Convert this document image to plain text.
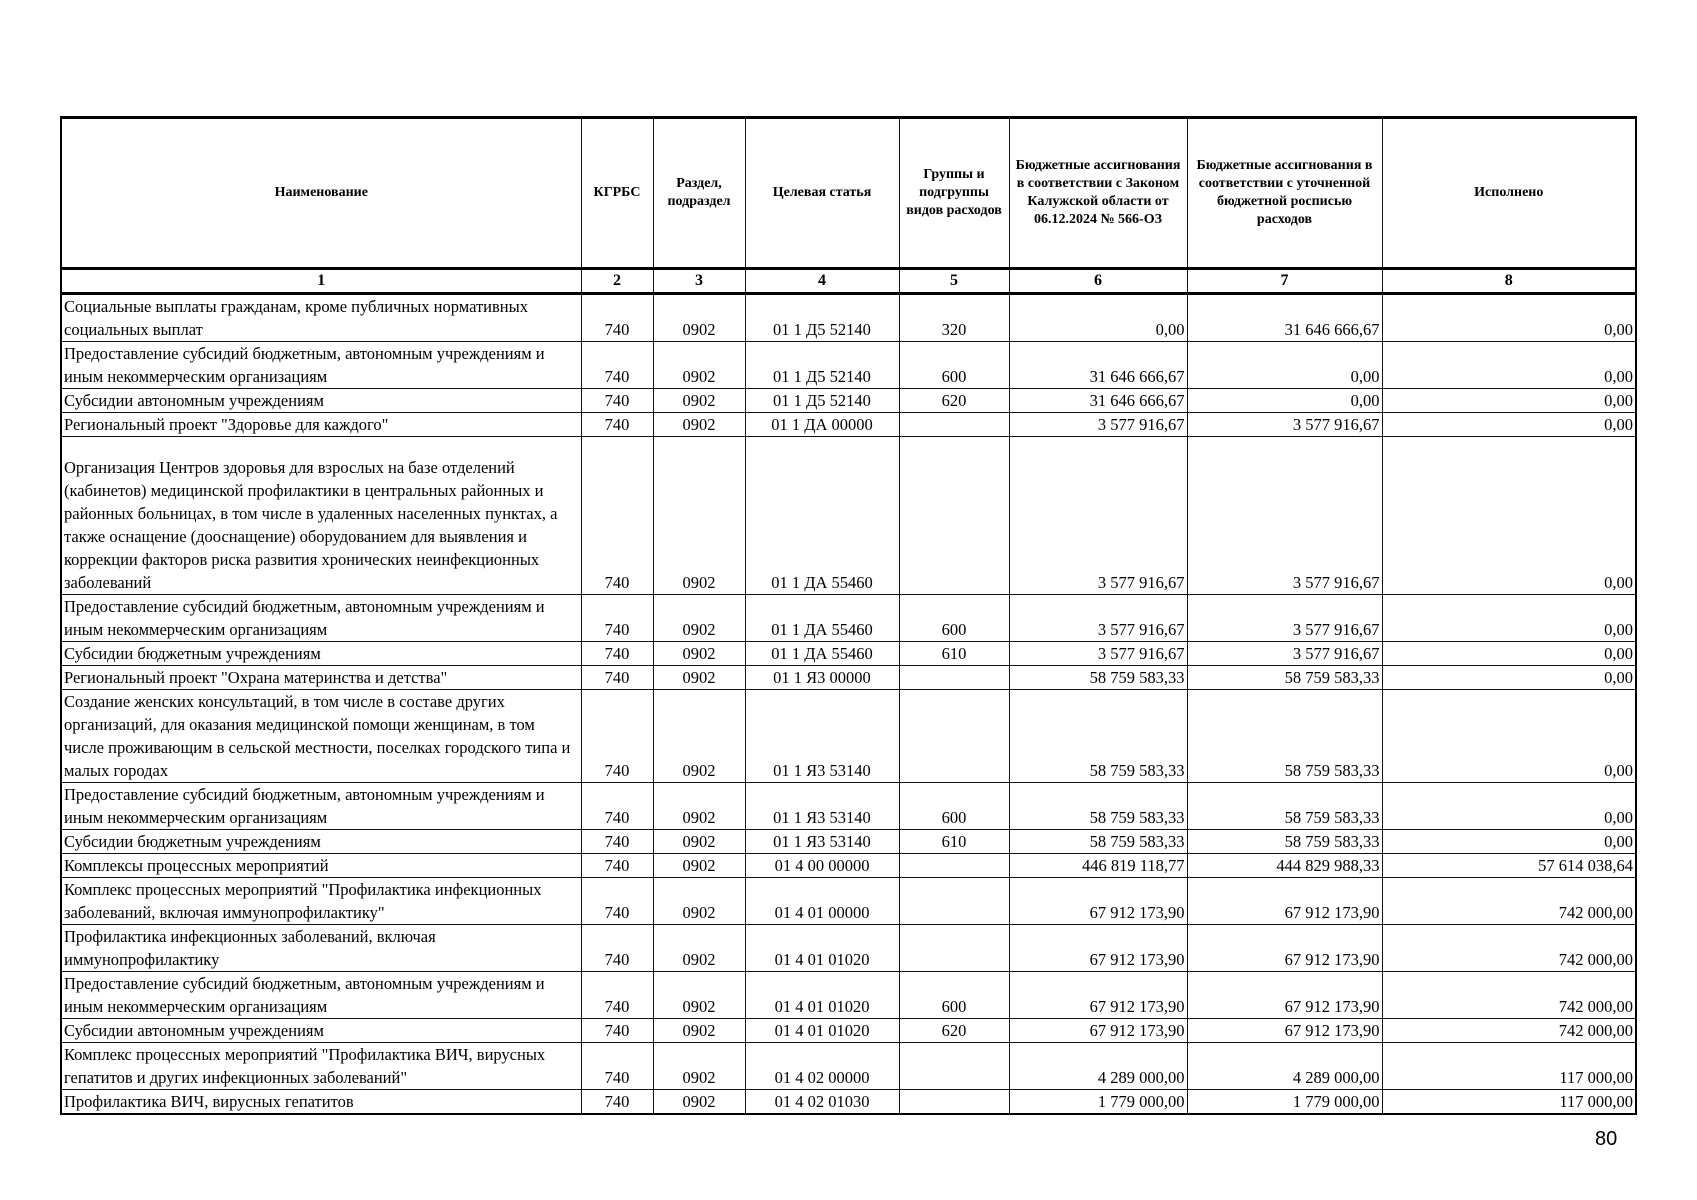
Наименование	КГРБС	Раздел, подраздел	Целевая статья	Группы и подгруппы видов расходов	Бюджетные ассигнования в соответствии с Законом Калужской области от 06.12.2024 № 566-ОЗ	Бюджетные ассигнования в соответствии с уточненной бюджетной росписью расходов	Исполнено
1	2	3	4	5	6	7	8
Социальные выплаты гражданам, кроме публичных нормативных социальных выплат	740	0902	01 1 Д5 52140	320	0,00	31 646 666,67	0,00
Предоставление субсидий бюджетным, автономным учреждениям и иным некоммерческим организациям	740	0902	01 1 Д5 52140	600	31 646 666,67	0,00	0,00
Субсидии автономным учреждениям	740	0902	01 1 Д5 52140	620	31 646 666,67	0,00	0,00
Региональный проект "Здоровье для каждого"	740	0902	01 1 ДА 00000		3 577 916,67	3 577 916,67	0,00
Организация Центров здоровья для взрослых на базе отделений (кабинетов) медицинской профилактики в центральных районных и районных больницах, в том числе в удаленных населенных пунктах, а также оснащение (дооснащение) оборудованием для выявления и коррекции факторов риска развития хронических неинфекционных заболеваний	740	0902	01 1 ДА 55460		3 577 916,67	3 577 916,67	0,00
Предоставление субсидий бюджетным, автономным учреждениям и иным некоммерческим организациям	740	0902	01 1 ДА 55460	600	3 577 916,67	3 577 916,67	0,00
Субсидии бюджетным учреждениям	740	0902	01 1 ДА 55460	610	3 577 916,67	3 577 916,67	0,00
Региональный проект "Охрана материнства и детства"	740	0902	01 1 Я3 00000		58 759 583,33	58 759 583,33	0,00
Создание женских консультаций, в том числе в составе других организаций, для оказания медицинской помощи женщинам, в том числе проживающим в сельской местности, поселках городского типа и малых городах	740	0902	01 1 Я3 53140		58 759 583,33	58 759 583,33	0,00
Предоставление субсидий бюджетным, автономным учреждениям и иным некоммерческим организациям	740	0902	01 1 Я3 53140	600	58 759 583,33	58 759 583,33	0,00
Субсидии бюджетным учреждениям	740	0902	01 1 Я3 53140	610	58 759 583,33	58 759 583,33	0,00
Комплексы процессных мероприятий	740	0902	01 4 00 00000		446 819 118,77	444 829 988,33	57 614 038,64
Комплекс процессных мероприятий "Профилактика инфекционных заболеваний, включая иммунопрофилактику"	740	0902	01 4 01 00000		67 912 173,90	67 912 173,90	742 000,00
Профилактика инфекционных заболеваний, включая иммунопрофилактику	740	0902	01 4 01 01020		67 912 173,90	67 912 173,90	742 000,00
Предоставление субсидий бюджетным, автономным учреждениям и иным некоммерческим организациям	740	0902	01 4 01 01020	600	67 912 173,90	67 912 173,90	742 000,00
Субсидии автономным учреждениям	740	0902	01 4 01 01020	620	67 912 173,90	67 912 173,90	742 000,00
Комплекс процессных мероприятий "Профилактика ВИЧ, вирусных гепатитов и других инфекционных заболеваний"	740	0902	01 4 02 00000		4 289 000,00	4 289 000,00	117 000,00
Профилактика ВИЧ, вирусных гепатитов	740	0902	01 4 02 01030		1 779 000,00	1 779 000,00	117 000,00
80
